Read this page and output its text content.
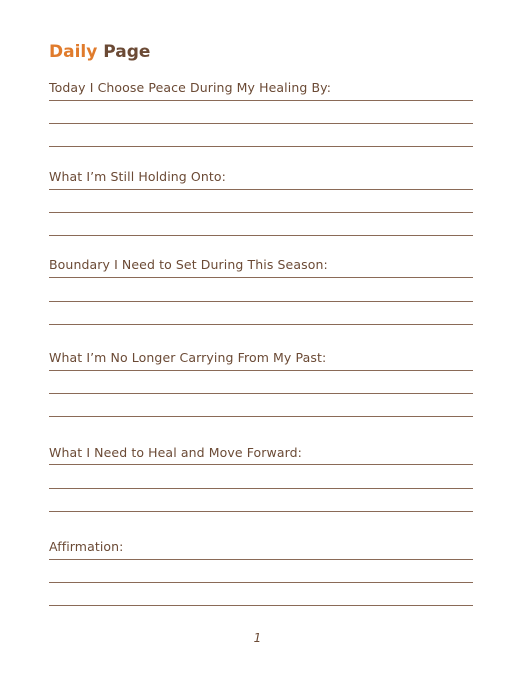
Daily Page
Today I Choose Peace During My Healing By:
What I’m Still Holding Onto:
Boundary I Need to Set During This Season:
What I’m No Longer Carrying From My Past:
What I Need to Heal and Move Forward:
Affirmation:
1
